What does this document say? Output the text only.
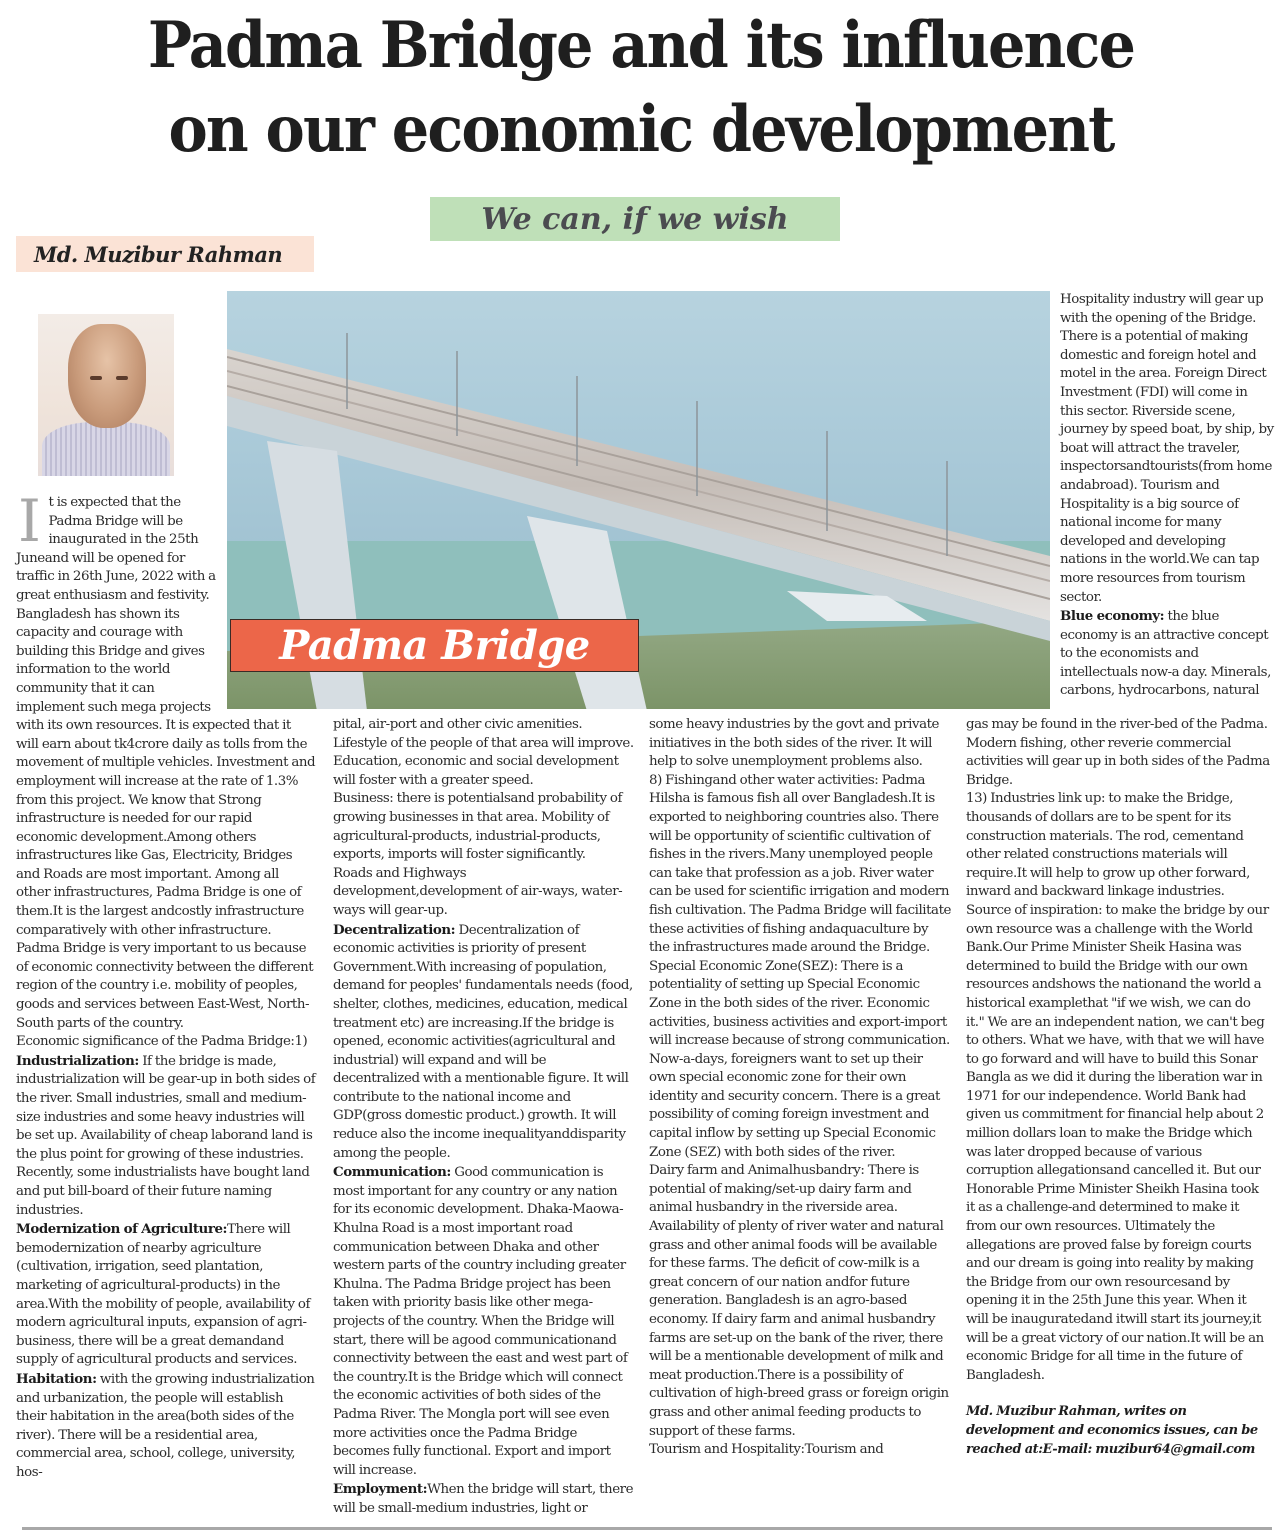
Padma Bridge and its influence
on our economic development
We can, if we wish
Md. Muzibur Rahman
Padma Bridge
I t is expected that the Padma Bridge will be inaugurated in the 25th Juneand will be opened for traffic in 26th June, 2022 with a great enthusiasm and festivity. Bangladesh has shown its capacity and courage with building this Bridge and gives information to the world community that it can implement such mega projects with its

own resources. It is expected that it will earn about tk4crore daily as tolls from the movement of multiple vehicles. Investment and employment will increase at the rate of 1.3% from this project. We know that Strong infrastructure is needed for our rapid economic development.Among others infrastructures like Gas, Electricity, Bridges and Roads are most important. Among all other infrastructures, Padma Bridge is one of them.It is the largest andcostly infrastructure comparatively with other infrastructure.

Padma Bridge is very important to us because of economic connectivity between the different region of the country i.e. mobility of peoples, goods and services between East-West, North-South parts of the country.

Economic significance of the Padma Bridge:1)

Industrialization: If the bridge is made, industrialization will be gear-up in both sides of the river. Small industries, small and medium-size industries and some heavy industries will be set up. Availability of cheap laborand land is the plus point for growing of these industries.

Recently, some industrialists have bought land and put bill-board of their future naming industries.

Modernization of Agriculture:There will bemodernization of nearby agriculture (cultivation, irrigation, seed plantation, marketing of agricultural-products) in the area.With the mobility of people, availability of modern agricultural inputs, expansion of agri-business, there will be a great demandand supply of agricultural products and services.

Habitation: with the growing industrialization and urbanization, the people will establish their habitation in the area(both sides of the river). There will be a residential area, commercial area, school, college, university, hos-

pital, air-port and other civic amenities. Lifestyle of the people of that area will improve. Education, economic and social development will foster with a greater speed.

Business: there is potentialsand probability of growing businesses in that area. Mobility of agricultural-products, industrial-products, exports, imports will foster significantly.

Roads and Highways development,development of air-ways, water-ways will gear-up.

Decentralization: Decentralization of economic activities is priority of present Government.With increasing of population, demand for peoples' fundamentals needs (food, shelter, clothes, medicines, education, medical treatment etc) are increasing.If the bridge is opened, economic activities(agricultural and industrial) will expand and will be decentralized with a mentionable figure. It will contribute to the national income and GDP(gross domestic product.) growth. It will reduce also the income inequalityanddisparity among the people.

Communication: Good communication is most important for any country or any nation for its economic development. Dhaka-Maowa-Khulna Road is a most important road communication between Dhaka and other western parts of the country including greater Khulna. The Padma Bridge project has been taken with priority basis like other mega-projects of the country. When the Bridge will start, there will be agood communicationand connectivity between the east and west part of the country.It is the Bridge which will connect the economic activities of both sides of the Padma River. The Mongla port will see even more activities once the Padma Bridge becomes fully functional. Export and import will increase.

Employment:When the bridge will start, there will be small-medium industries, light or

some heavy industries by the govt and private initiatives in the both sides of the river. It will help to solve unemployment problems also.

8) Fishingand other water activities: Padma Hilsha is famous fish all over Bangladesh.It is exported to neighboring countries also. There will be opportunity of scientific cultivation of fishes in the rivers.Many unemployed people can take that profession as a job. River water can be used for scientific irrigation and modern fish cultivation. The Padma Bridge will facilitate these activities of fishing andaquaculture by the infrastructures made around the Bridge.

Special Economic Zone(SEZ): There is a potentiality of setting up Special Economic Zone in the both sides of the river. Economic activities, business activities and export-import will increase because of strong communication. Now-a-days, foreigners want to set up their own special economic zone for their own identity and security concern. There is a great possibility of coming foreign investment and capital inflow by setting up Special Economic Zone (SEZ) with both sides of the river.

Dairy farm and Animalhusbandry: There is potential of making/set-up dairy farm and animal husbandry in the riverside area. Availability of plenty of river water and natural grass and other animal foods will be available for these farms. The deficit of cow-milk is a great concern of our nation andfor future generation. Bangladesh is an agro-based economy. If dairy farm and animal husbandry farms are set-up on the bank of the river, there will be a mentionable development of milk and meat production.There is a possibility of cultivation of high-breed grass or foreign origin grass and other animal feeding products to support of these farms.

Tourism and Hospitality:Tourism and

Hospitality industry will gear up with the opening of the Bridge. There is a potential of making domestic and foreign hotel and motel in the area. Foreign Direct Investment (FDI) will come in this sector. Riverside scene, journey by speed boat, by ship, by boat will attract the traveler, inspectorsandtourists(from home andabroad). Tourism and Hospitality is a big source of national income for many developed and developing nations in the world.We can tap more resources from tourism sector.

Blue economy: the blue economy is an attractive concept to the economists and intellectuals now-a day. Minerals, carbons, hydrocarbons, natural

gas may be found in the river-bed of the Padma. Modern fishing, other reverie commercial activities will gear up in both sides of the Padma Bridge.

13) Industries link up: to make the Bridge, thousands of dollars are to be spent for its construction materials. The rod, cementand other related constructions materials will require.It will help to grow up other forward, inward and backward linkage industries.

Source of inspiration: to make the bridge by our own resource was a challenge with the World Bank.Our Prime Minister Sheik Hasina was determined to build the Bridge with our own resources andshows the nationand the world a historical examplethat "if we wish, we can do it." We are an independent nation, we can't beg to others. What we have, with that we will have to go forward and will have to build this Sonar Bangla as we did it during the liberation war in 1971 for our independence. World Bank had given us commitment for financial help about 2 million dollars loan to make the Bridge which was later dropped because of various corruption allegationsand cancelled it. But our Honorable Prime Minister Sheikh Hasina took it as a challenge-and determined to make it from our own resources. Ultimately the allegations are proved false by foreign courts and our dream is going into reality by making the Bridge from our own resourcesand by opening it in the 25th June this year. When it will be inauguratedand itwill start its journey,it will be a great victory of our nation.It will be an economic Bridge for all time in the future of Bangladesh.

Md. Muzibur Rahman, writes on development and economics issues, can be reached at:E-mail: muzibur64@gmail.com
